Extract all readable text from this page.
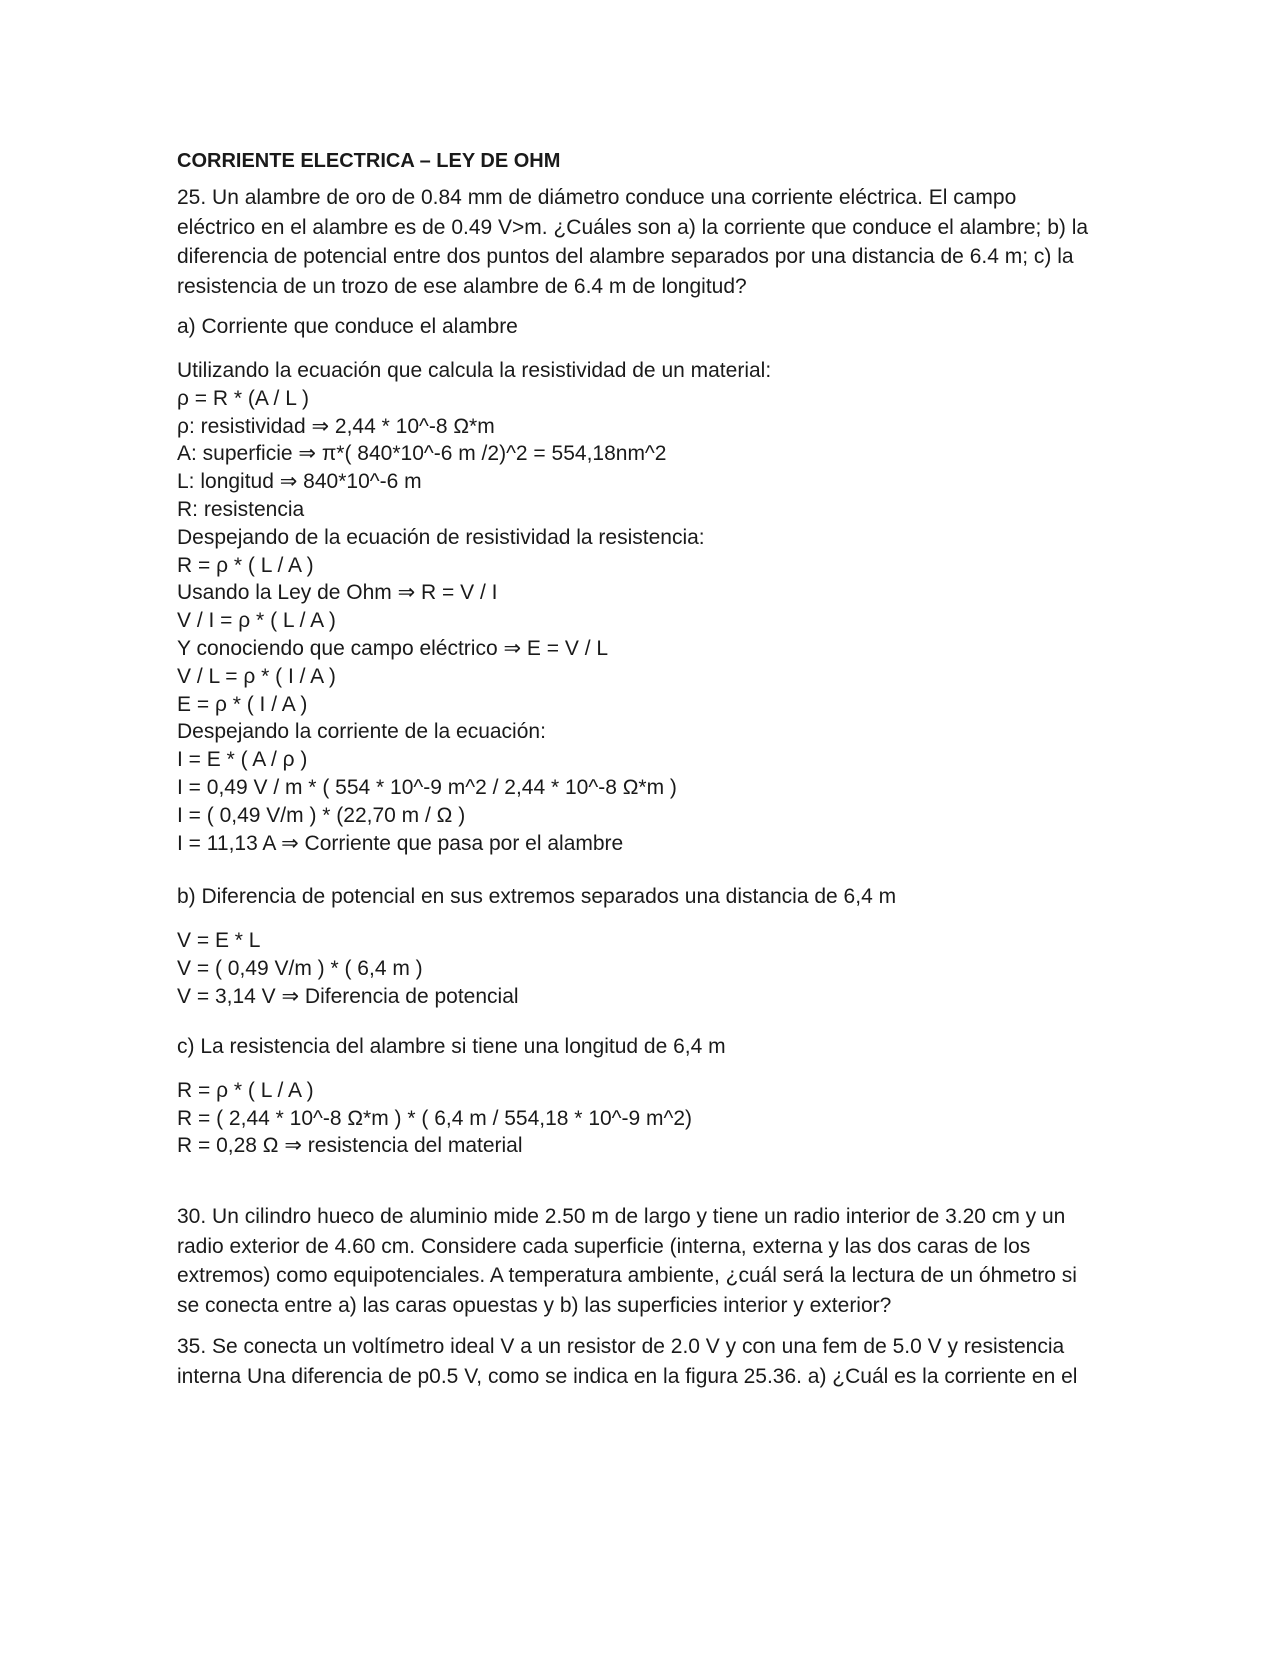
CORRIENTE ELECTRICA – LEY DE OHM
25. Un alambre de oro de 0.84 mm de diámetro conduce una corriente eléctrica. El campo eléctrico en el alambre es de 0.49 V>m. ¿Cuáles son a) la corriente que conduce el alambre; b) la diferencia de potencial entre dos puntos del alambre separados por una distancia de 6.4 m; c) la resistencia de un trozo de ese alambre de 6.4 m de longitud?
a) Corriente que conduce el alambre
Utilizando la ecuación que calcula la resistividad de un material:
ρ = R * (A / L )
ρ: resistividad ⇒ 2,44 * 10^-8 Ω*m
A: superficie ⇒ π*( 840*10^-6 m /2)^2 = 554,18nm^2
L: longitud ⇒ 840*10^-6 m
R: resistencia
Despejando de la ecuación de resistividad la resistencia:
R = ρ * ( L / A )
Usando la Ley de Ohm ⇒ R = V / I
V / I = ρ * ( L / A )
Y conociendo que campo eléctrico ⇒ E = V / L
V / L = ρ * ( I / A )
E = ρ * ( I / A )
Despejando la corriente de la ecuación:
I = E * ( A / ρ )
I = 0,49 V / m * ( 554 * 10^-9 m^2 / 2,44 * 10^-8 Ω*m )
I = ( 0,49 V/m ) * (22,70 m / Ω )
I = 11,13 A ⇒ Corriente que pasa por el alambre
b) Diferencia de potencial en sus extremos separados una distancia de 6,4 m
V = E * L
V = ( 0,49 V/m ) * ( 6,4 m )
V = 3,14 V ⇒ Diferencia de potencial
c) La resistencia del alambre si tiene una longitud de 6,4 m
R = ρ * ( L / A )
R = ( 2,44 * 10^-8 Ω*m ) * ( 6,4 m / 554,18 * 10^-9 m^2)
R = 0,28 Ω ⇒ resistencia del material
30. Un cilindro hueco de aluminio mide 2.50 m de largo y tiene un radio interior de 3.20 cm y un radio exterior de 4.60 cm. Considere cada superficie (interna, externa y las dos caras de los extremos) como equipotenciales. A temperatura ambiente, ¿cuál será la lectura de un óhmetro si se conecta entre a) las caras opuestas y b) las superficies interior y exterior?
35. Se conecta un voltímetro ideal V a un resistor de 2.0 V y con una fem de 5.0 V y resistencia interna Una diferencia de p0.5 V, como se indica en la figura 25.36. a) ¿Cuál es la corriente en el
